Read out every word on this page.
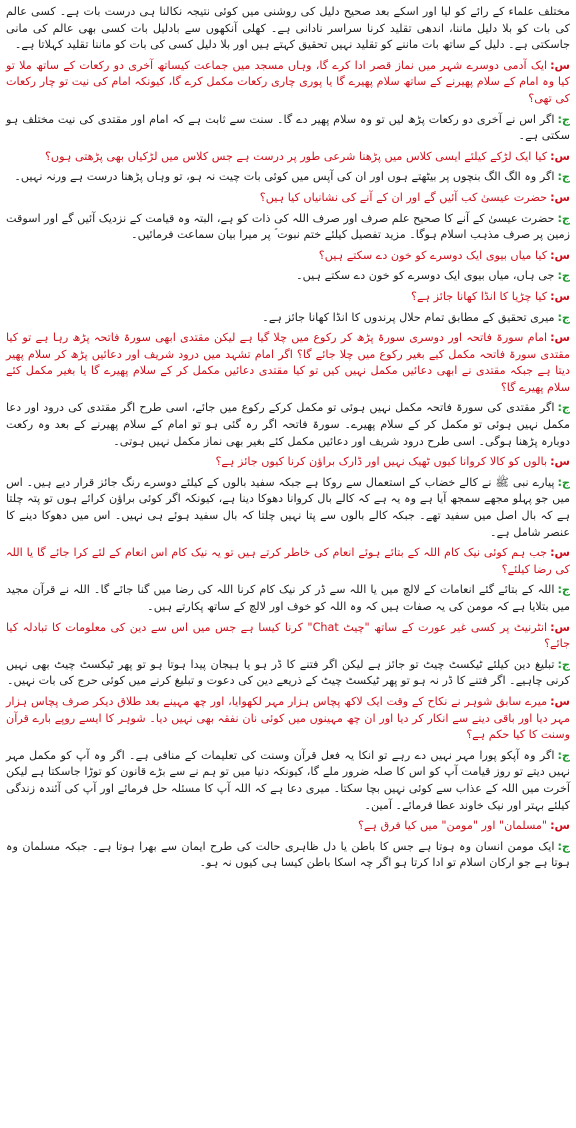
مختلف علماء کے رائے کو لیا اور اسکے بعد صحیح دلیل کی روشنی میں کوئی نتیجہ نکالنا ہی درست بات ہے۔ کسی عالم کی بات کو بلا دلیل ماننا، اندھی تقلید کرنا سراسر نادانی ہے۔ کھلی آنکھوں سے بادلیل بات کسی بھی عالم کی مانی جاسکتی ہے۔ دلیل کے ساتھ بات ماننے کو تقلید نہیں تحقیق کہتے ہیں اور بلا دلیل کسی کی بات کو ماننا تقلید کہلاتا ہے۔

س:ایک آدمی دوسرے شہر میں نماز قصر ادا کرے گا، وہاں مسجد میں جماعت کیساتھ آخری دو رکعات کے ساتھ ملا تو کیا وہ امام کے سلام پھیرنے کے ساتھ سلام پھیرے گا یا پوری چاری رکعات مکمل کرے گا، کیونکہ امام کی نیت تو چار رکعات کی تھی؟

ج:اگر اس نے آخری دو رکعات پڑھ لیں تو وہ سلام پھیر دے گا۔ سنت سے ثابت ہے کہ امام اور مقتدی کی نیت مختلف ہو سکتی ہے۔

س:کیا ایک لڑکے کیلئے ایسی کلاس میں پڑھنا شرعی طور پر درست ہے جس کلاس میں لڑکیاں بھی پڑھتی ہوں؟

ج:اگر وہ الگ الگ بنچوں پر بیٹھتے ہوں اور ان کی آپس میں کوئی بات چیت نہ ہو، تو وہاں پڑھنا درست ہے ورنہ نہیں۔

س:حضرت عیسیٰ کب آئیں گے اور ان کے آنے کی نشانیاں کیا ہیں؟

ج:حضرت عیسیٰ کے آنے کا صحیح علم صرف اور صرف اللہ کی ذات کو ہے، البتہ وہ قیامت کے نزدیک آئیں گے اور اسوقت زمین پر صرف مذہب اسلام ہوگا۔ مزید تفصیل کیلئے ختم نبوت ؐ پر میرا بیان سماعت فرمائیں۔

س:کیا میاں بیوی ایک دوسرے کو خون دے سکتے ہیں؟

ج:جی ہاں، میاں بیوی ایک دوسرے کو خون دے سکتے ہیں۔

س:کیا چڑیا کا انڈا کھانا جائز ہے؟

ج:میری تحقیق کے مطابق تمام حلال پرندوں کا انڈا کھانا جائز ہے۔

س:امام سورۃ فاتحہ اور دوسری سورۃ پڑھ کر رکوع میں چلا گیا ہے لیکن مقتدی ابھی سورۃ فاتحہ پڑھ رہا ہے تو کیا مقتدی سورۃ فاتحہ مکمل کیے بغیر رکوع میں چلا جائے گا؟ اگر امام تشہد میں درود شریف اور دعائیں پڑھ کر سلام پھیر دیتا ہے جبکہ مقتدی نے ابھی دعائیں مکمل نہیں کیں تو کیا مقتدی دعائیں مکمل کر کے سلام پھیرے گا یا بغیر مکمل کئے سلام پھیرے گا؟

ج:اگر مقتدی کی سورۃ فاتحہ مکمل نہیں ہوئی تو مکمل کرکے رکوع میں جائے، اسی طرح اگر مقتدی کی درود اور دعا مکمل نہیں ہوئی تو مکمل کر کے سلام پھیرے۔ سورۃ فاتحہ اگر رہ گئی ہو تو امام کے سلام پھیرنے کے بعد وہ رکعت دوبارہ پڑھنا ہوگی۔ اسی طرح درود شریف اور دعائیں مکمل کئے بغیر بھی نماز مکمل نہیں ہوتی۔

س:بالوں کو کالا کروانا کیوں ٹھیک نہیں اور ڈارک براؤن کرنا کیوں جائز ہے؟

ج:پیارے نبی ﷺ نے کالے خضاب کے استعمال سے روکا ہے جبکہ سفید بالوں کے کیلئے دوسرے رنگ جائز قرار دیے ہیں۔ اس میں جو پہلو مجھے سمجھ آیا ہے وہ یہ ہے کہ کالے بال کروانا دھوکا دینا ہے، کیونکہ اگر کوئی براؤن کرائے ہوں تو پتہ چلتا ہے کہ بال اصل میں سفید تھے۔ جبکہ کالے بالوں سے پتا نہیں چلتا کہ بال سفید ہوئے ہی نہیں۔ اس میں دھوکا دینے کا عنصر شامل ہے۔

س:جب ہم کوئی نیک کام اللہ کے بتائے ہوئے انعام کی خاطر کرتے ہیں تو یہ نیک کام اس انعام کے لئے کرا جائے گا یا اللہ کی رضا کیلئے؟

ج:اللہ کے بتائے گئے انعامات کے لالچ میں یا اللہ سے ڈر کر نیک کام کرنا اللہ کی رضا میں گنا جائے گا۔ اللہ نے قرآن مجید میں بتلایا ہے کہ مومن کی یہ صفات ہیں کہ وہ اللہ کو خوف اور لالچ کے ساتھ پکارتے ہیں۔

س:انٹرنیٹ پر کسی غیر عورت کے ساتھ "چیٹ Chat" کرنا کیسا ہے جس میں اس سے دین کی معلومات کا تبادلہ کیا جائے؟

ج:تبلیغ دین کیلئے ٹیکسٹ چیٹ تو جائز ہے لیکن اگر فتنے کا ڈر ہو یا ہیجان پیدا ہوتا ہو تو پھر ٹیکسٹ چیٹ بھی نہیں کرنی چاہیے۔ اگر فتنے کا ڈر نہ ہو تو پھر ٹیکسٹ چیٹ کے ذریعے دین کی دعوت و تبلیغ کرنے میں کوئی حرج کی بات نہیں۔

س:میرے سابق شوہر نے نکاح کے وقت ایک لاکھ پچاس ہزار مہر لکھوایا، اور چھ مہینے بعد طلاق دیکر صرف پچاس ہزار مہر دیا اور باقی دینے سے انکار کر دیا اور ان چھ مہینوں میں کوئی نان نفقہ بھی نہیں دیا۔ شوہر کا ایسے روپے بارے قرآن وسنت کا کیا حکم ہے؟

ج:اگر وہ آپکو پورا مہر نہیں دے رہے تو انکا یہ فعل قرآن وسنت کی تعلیمات کے منافی ہے۔ اگر وہ آپ کو مکمل مہر نہیں دیتے تو روز قیامت آپ کو اس کا صلہ ضرور ملے گا، کیونکہ دنیا میں تو ہم نے سے بڑے قانون کو توڑا جاسکتا ہے لیکن آخرت میں اللہ کے عذاب سے کوئی نہیں بچا سکتا۔ میری دعا ہے کہ اللہ آپ کا مسئلہ حل فرمائے اور آپ کی آئندہ زندگی کیلئے بہتر اور نیک خاوند عطا فرمائے۔ آمین۔

س:"مسلمان" اور "مومن" میں کیا فرق ہے؟

ج:ایک مومن انسان وہ ہوتا ہے جس کا باطن یا دل ظاہری حالت کی طرح ایمان سے بھرا ہوتا ہے۔ جبکہ مسلمان وہ ہوتا ہے جو ارکان اسلام تو ادا کرتا ہو اگر چہ اسکا باطن کیسا ہی کیوں نہ ہو۔
